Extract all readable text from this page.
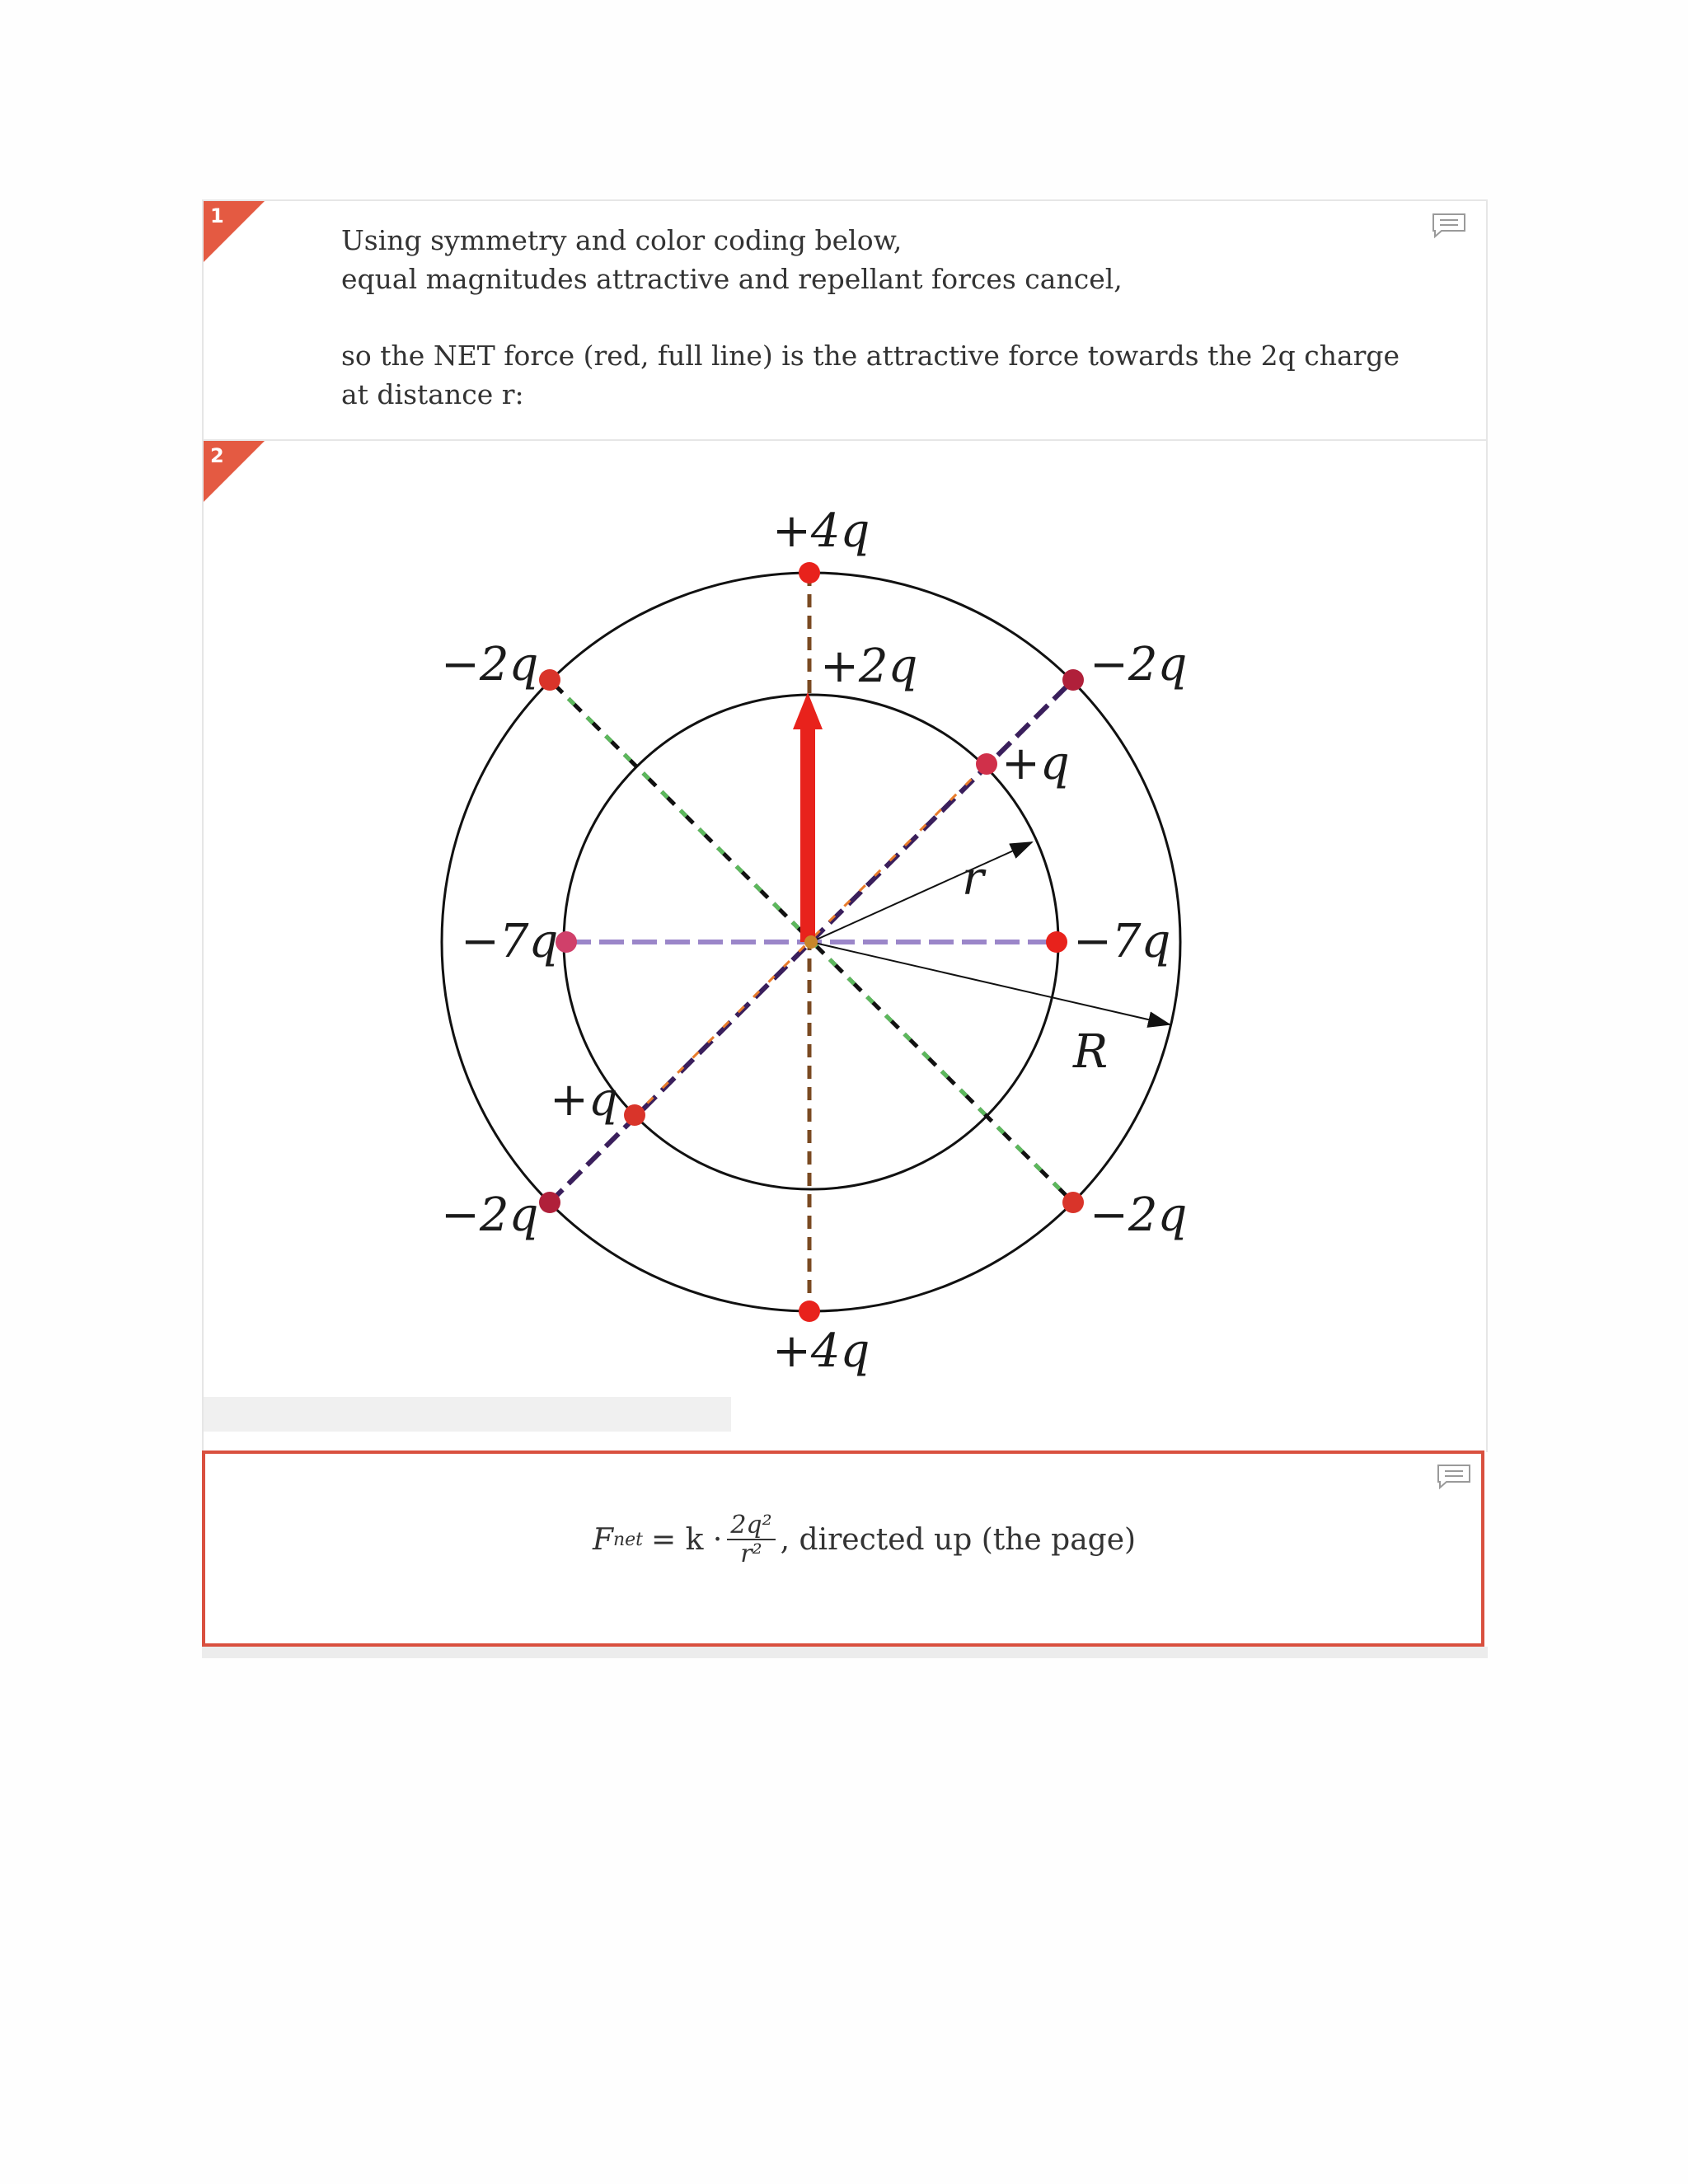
1
Using symmetry and color coding below,
equal magnitudes attractive and repellant forces cancel,
so the NET force (red, full line) is the attractive force towards the 2q charge
at distance r:
2
+4q
+4q
+2q
−2q	−2q
−2q	−2q
−7q	−7q
+q
+q
r
R
F net = $k \cdot \frac{\text{2q²}}{\text{r²}}$ , directed up (the page)
